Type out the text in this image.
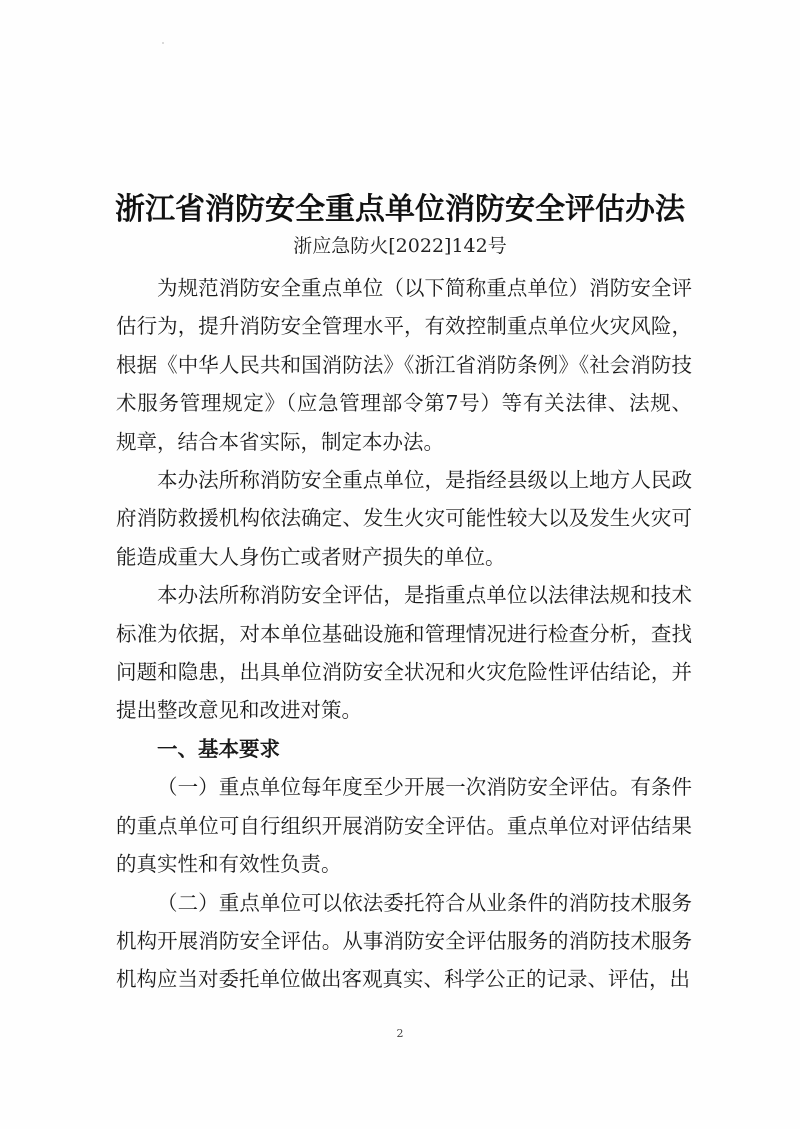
浙江省消防安全重点单位消防安全评估办法
浙应急防火[2022]142号

为规范消防安全重点单位（以下简称重点单位）消防安全评估行为，提升消防安全管理水平，有效控制重点单位火灾风险，根据《中华人民共和国消防法》《浙江省消防条例》《社会消防技术服务管理规定》（应急管理部令第7号）等有关法律、法规、规章，结合本省实际，制定本办法。

本办法所称消防安全重点单位，是指经县级以上地方人民政府消防救援机构依法确定、发生火灾可能性较大以及发生火灾可能造成重大人身伤亡或者财产损失的单位。

本办法所称消防安全评估，是指重点单位以法律法规和技术标准为依据，对本单位基础设施和管理情况进行检查分析，查找问题和隐患，出具单位消防安全状况和火灾危险性评估结论，并提出整改意见和改进对策。

一、基本要求

（一）重点单位每年度至少开展一次消防安全评估。有条件的重点单位可自行组织开展消防安全评估。重点单位对评估结果的真实性和有效性负责。

（二）重点单位可以依法委托符合从业条件的消防技术服务机构开展消防安全评估。从事消防安全评估服务的消防技术服务机构应当对委托单位做出客观真实、科学公正的记录、评估，出

2
